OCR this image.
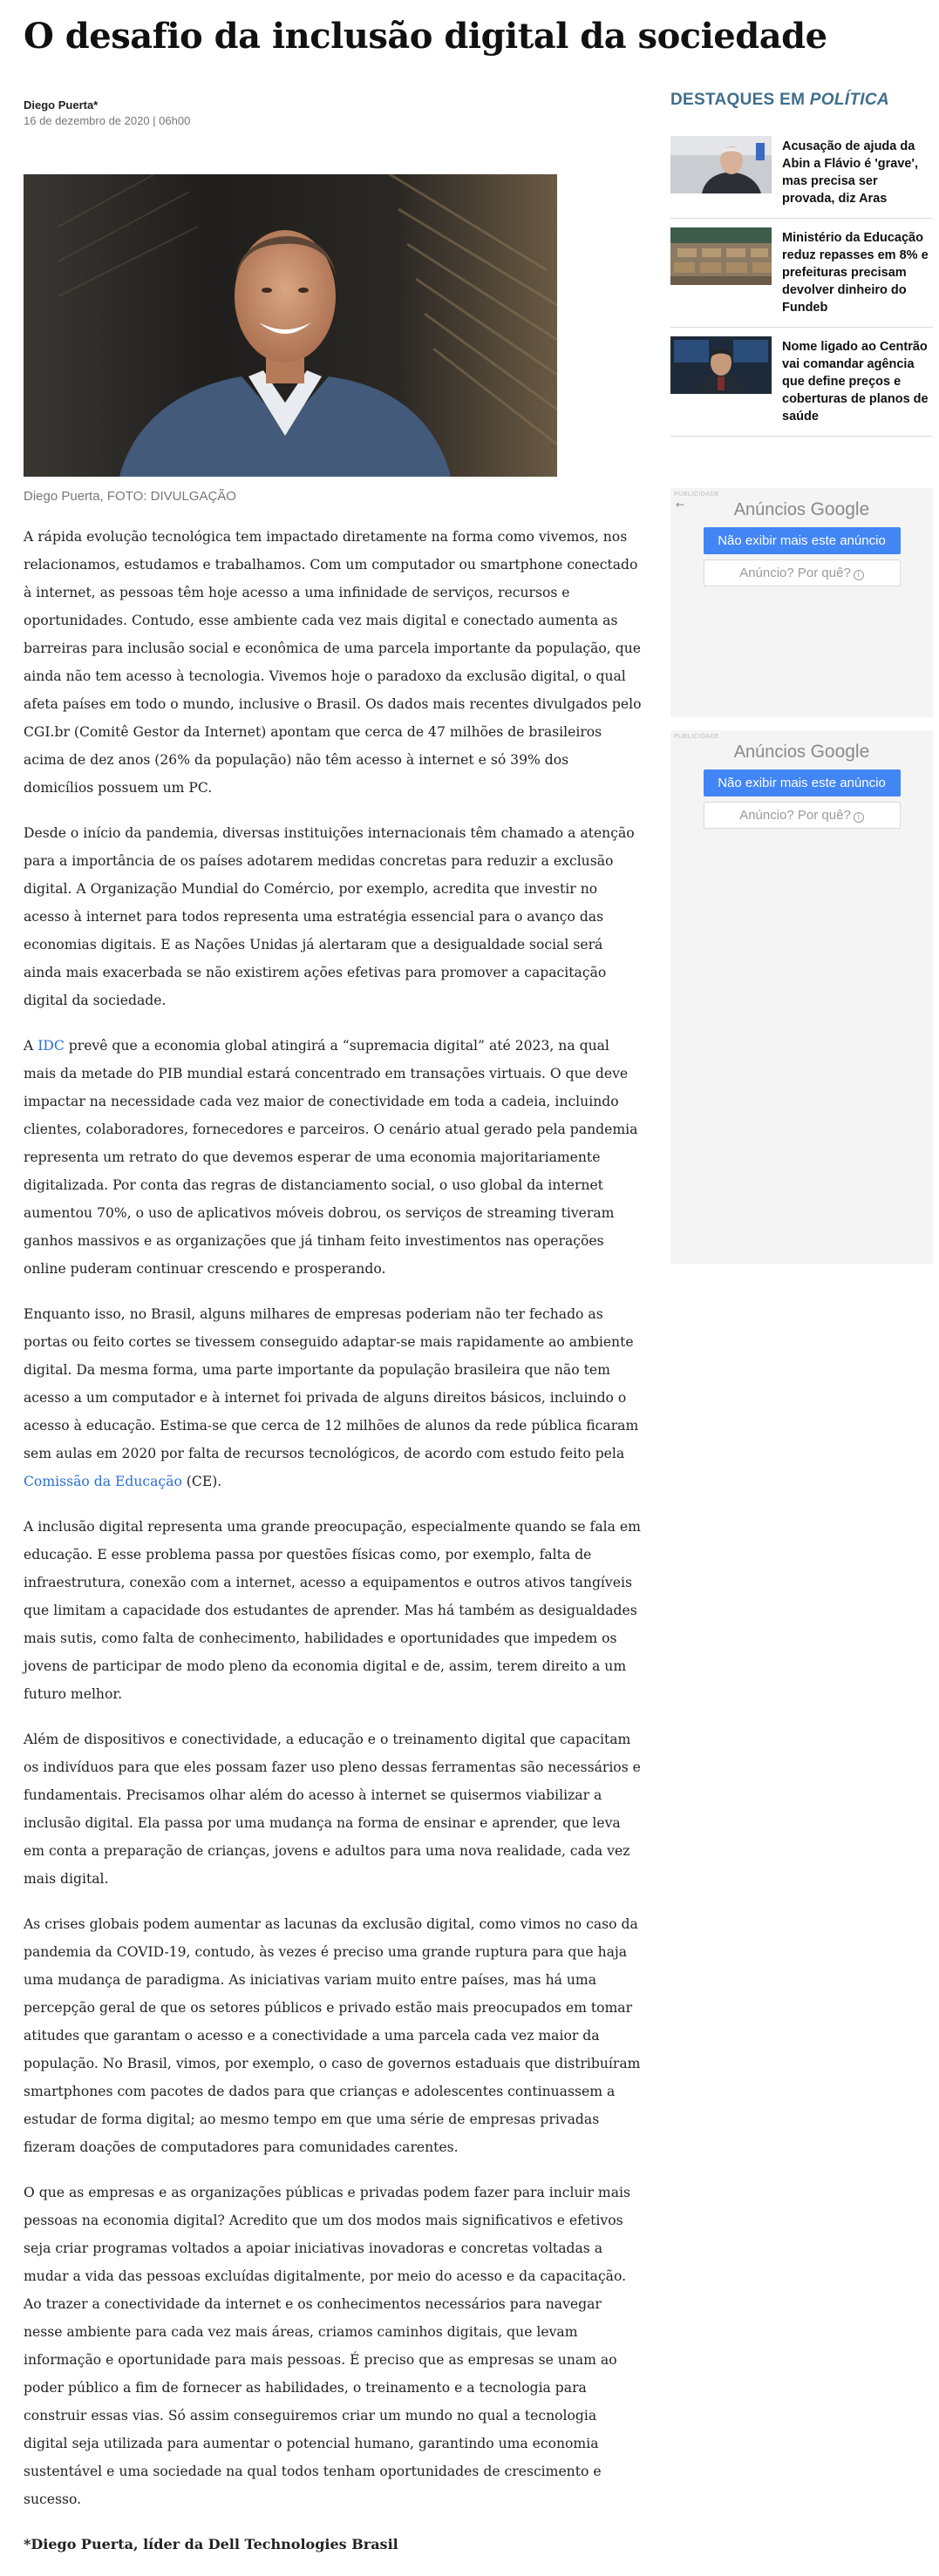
O desafio da inclusão digital da sociedade
Diego Puerta*
16 de dezembro de 2020 | 06h00
Diego Puerta, FOTO: DIVULGAÇÃO

A rápida evolução tecnológica tem impactado diretamente na forma como vivemos, nos relacionamos, estudamos e trabalhamos. Com um computador ou smartphone conectado à internet, as pessoas têm hoje acesso a uma infinidade de serviços, recursos e oportunidades. Contudo, esse ambiente cada vez mais digital e conectado aumenta as barreiras para inclusão social e econômica de uma parcela importante da população, que ainda não tem acesso à tecnologia. Vivemos hoje o paradoxo da exclusão digital, o qual afeta países em todo o mundo, inclusive o Brasil. Os dados mais recentes divulgados pelo CGI.br (Comitê Gestor da Internet) apontam que cerca de 47 milhões de brasileiros acima de dez anos (26% da população) não têm acesso à internet e só 39% dos domicílios possuem um PC.

Desde o início da pandemia, diversas instituições internacionais têm chamado a atenção para a importância de os países adotarem medidas concretas para reduzir a exclusão digital. A Organização Mundial do Comércio, por exemplo, acredita que investir no acesso à internet para todos representa uma estratégia essencial para o avanço das economias digitais. E as Nações Unidas já alertaram que a desigualdade social será ainda mais exacerbada se não existirem ações efetivas para promover a capacitação digital da sociedade.

A IDC prevê que a economia global atingirá a “supremacia digital” até 2023, na qual mais da metade do PIB mundial estará concentrado em transações virtuais. O que deve impactar na necessidade cada vez maior de conectividade em toda a cadeia, incluindo clientes, colaboradores, fornecedores e parceiros. O cenário atual gerado pela pandemia representa um retrato do que devemos esperar de uma economia majoritariamente digitalizada. Por conta das regras de distanciamento social, o uso global da internet aumentou 70%, o uso de aplicativos móveis dobrou, os serviços de streaming tiveram ganhos massivos e as organizações que já tinham feito investimentos nas operações online puderam continuar crescendo e prosperando.

Enquanto isso, no Brasil, alguns milhares de empresas poderiam não ter fechado as portas ou feito cortes se tivessem conseguido adaptar-se mais rapidamente ao ambiente digital. Da mesma forma, uma parte importante da população brasileira que não tem acesso a um computador e à internet foi privada de alguns direitos básicos, incluindo o acesso à educação. Estima-se que cerca de 12 milhões de alunos da rede pública ficaram sem aulas em 2020 por falta de recursos tecnológicos, de acordo com estudo feito pela Comissão da Educação (CE).

A inclusão digital representa uma grande preocupação, especialmente quando se fala em educação. E esse problema passa por questões físicas como, por exemplo, falta de infraestrutura, conexão com a internet, acesso a equipamentos e outros ativos tangíveis que limitam a capacidade dos estudantes de aprender. Mas há também as desigualdades mais sutis, como falta de conhecimento, habilidades e oportunidades que impedem os jovens de participar de modo pleno da economia digital e de, assim, terem direito a um futuro melhor.

Além de dispositivos e conectividade, a educação e o treinamento digital que capacitam os indivíduos para que eles possam fazer uso pleno dessas ferramentas são necessários e fundamentais. Precisamos olhar além do acesso à internet se quisermos viabilizar a inclusão digital. Ela passa por uma mudança na forma de ensinar e aprender, que leva em conta a preparação de crianças, jovens e adultos para uma nova realidade, cada vez mais digital.

As crises globais podem aumentar as lacunas da exclusão digital, como vimos no caso da pandemia da COVID-19, contudo, às vezes é preciso uma grande ruptura para que haja uma mudança de paradigma. As iniciativas variam muito entre países, mas há uma percepção geral de que os setores públicos e privado estão mais preocupados em tomar atitudes que garantam o acesso e a conectividade a uma parcela cada vez maior da população. No Brasil, vimos, por exemplo, o caso de governos estaduais que distribuíram smartphones com pacotes de dados para que crianças e adolescentes continuassem a estudar de forma digital; ao mesmo tempo em que uma série de empresas privadas fizeram doações de computadores para comunidades carentes.

O que as empresas e as organizações públicas e privadas podem fazer para incluir mais pessoas na economia digital? Acredito que um dos modos mais significativos e efetivos seja criar programas voltados a apoiar iniciativas inovadoras e concretas voltadas a mudar a vida das pessoas excluídas digitalmente, por meio do acesso e da capacitação. Ao trazer a conectividade da internet e os conhecimentos necessários para navegar nesse ambiente para cada vez mais áreas, criamos caminhos digitais, que levam informação e oportunidade para mais pessoas. É preciso que as empresas se unam ao poder público a fim de fornecer as habilidades, o treinamento e a tecnologia para construir essas vias. Só assim conseguiremos criar um mundo no qual a tecnologia digital seja utilizada para aumentar o potencial humano, garantindo uma economia sustentável e uma sociedade na qual todos tenham oportunidades de crescimento e sucesso.

*Diego Puerta, líder da Dell Technologies Brasil

DESTAQUES EM POLÍTICA
Acusação de ajuda da Abin a Flávio é 'grave', mas precisa ser provada, diz Aras
Ministério da Educação reduz repasses em 8% e prefeituras precisam devolver dinheiro do Fundeb
Nome ligado ao Centrão vai comandar agência que define preços e coberturas de planos de saúde
PUBLICIDADE
←	Anúncios Google
Não exibir mais este anúncio
Anúncio? Por quê? i
PUBLICIDADE
Anúncios Google
Não exibir mais este anúncio
Anúncio? Por quê? i
